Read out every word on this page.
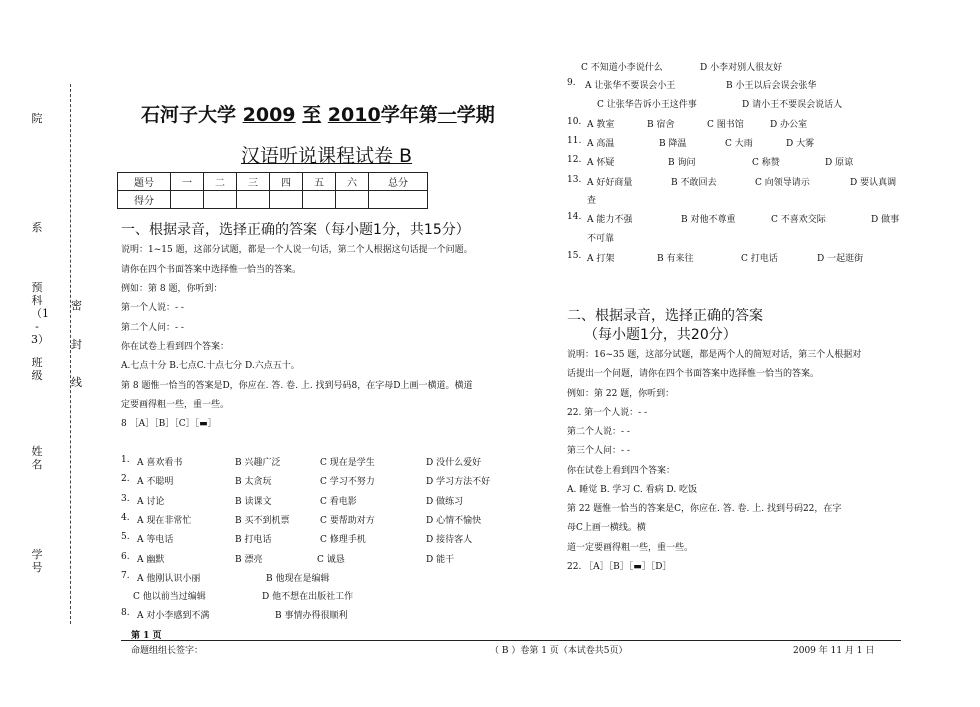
院
系
预科（1-3）
班级
姓名
学号
密
封
线
石河子大学 2009 至 2010学年第一学期
汉语听说课程试卷 B
题号	一	二	三	四	五	六	总分
得分							
一、根据录音，选择正确的答案（每小题1分，共15分）
说明：1~15 题，这部分试题，都是一个人说一句话，第二个人根据这句话提一个问题。
请你在四个书面答案中选择惟一恰当的答案。
例如：第 8 题，你听到：
第一个人说：- -
第二个人问：- -
你在试卷上看到四个答案：
A.七点十分 B.七点C.十点七分 D.六点五十。
第 8 题惟一恰当的答案是D，你应在. 答. 卷. 上. 找到号码8，在字母D上画一横道。横道
定要画得粗一些，重一些。
8 ［A］［B］［C］［▬］
1. A 喜欢看书	B 兴趣广泛	C 现在是学生	D 没什么爱好
2. A 不聪明	B 太贪玩	C 学习不努力	D 学习方法不好
3. A 讨论	B 读课文	C 看电影	D 做练习
4. A 现在非常忙	B 买不到机票	C 要帮助对方	D 心情不愉快
5. A 等电话	B 打电话	C 修理手机	D 接待客人
6. A 幽默	B 漂亮	C 诚恳	D 能干
7. A 他刚认识小丽	B 他现在是编辑
C 他以前当过编辑	D 他不想在出版社工作
8. A 对小李感到不满	B 事情办得很顺利
C 不知道小李说什么	D 小李对别人很友好
9. A 让张华不要误会小王	B 小王以后会误会张华
C 让张华告诉小王这件事	D 请小王不要误会说话人
10. A 教室	B 宿舍	C 图书馆	D 办公室
11. A 高温	B 降温	C 大雨	D 大雾
12. A 怀疑	B 询问	C 称赞	D 原谅
13. A 好好商量	B 不敢回去	C 向领导请示	D 要认真调
查
14. A 能力不强	B 对他不尊重	C 不喜欢交际	D 做事
不可靠
15. A 打架	B 有来往	C 打电话	D 一起逛街
二、根据录音，选择正确的答案
（每小题1分，共20分）
说明：16~35 题，这部分试题，都是两个人的简短对话，第三个人根据对
话提出一个问题，请你在四个书面答案中选择惟一恰当的答案。
例如：第 22 题，你听到：
22. 第一个人说：- -
第二个人说：- -
第三个人问：- -
你在试卷上看到四个答案：
A. 睡觉 B. 学习 C. 看病 D. 吃饭
第 22 题惟一恰当的答案是C，你应在. 答. 卷. 上. 找到号码22，在字
母C上画一横线。横
道一定要画得粗一些，重一些。
22. ［A］［B］［▬］［D］
第 1 页
命题组组长签字：	（ B ）卷第 1 页（本试卷共5页）	2009 年 11 月 1 日
